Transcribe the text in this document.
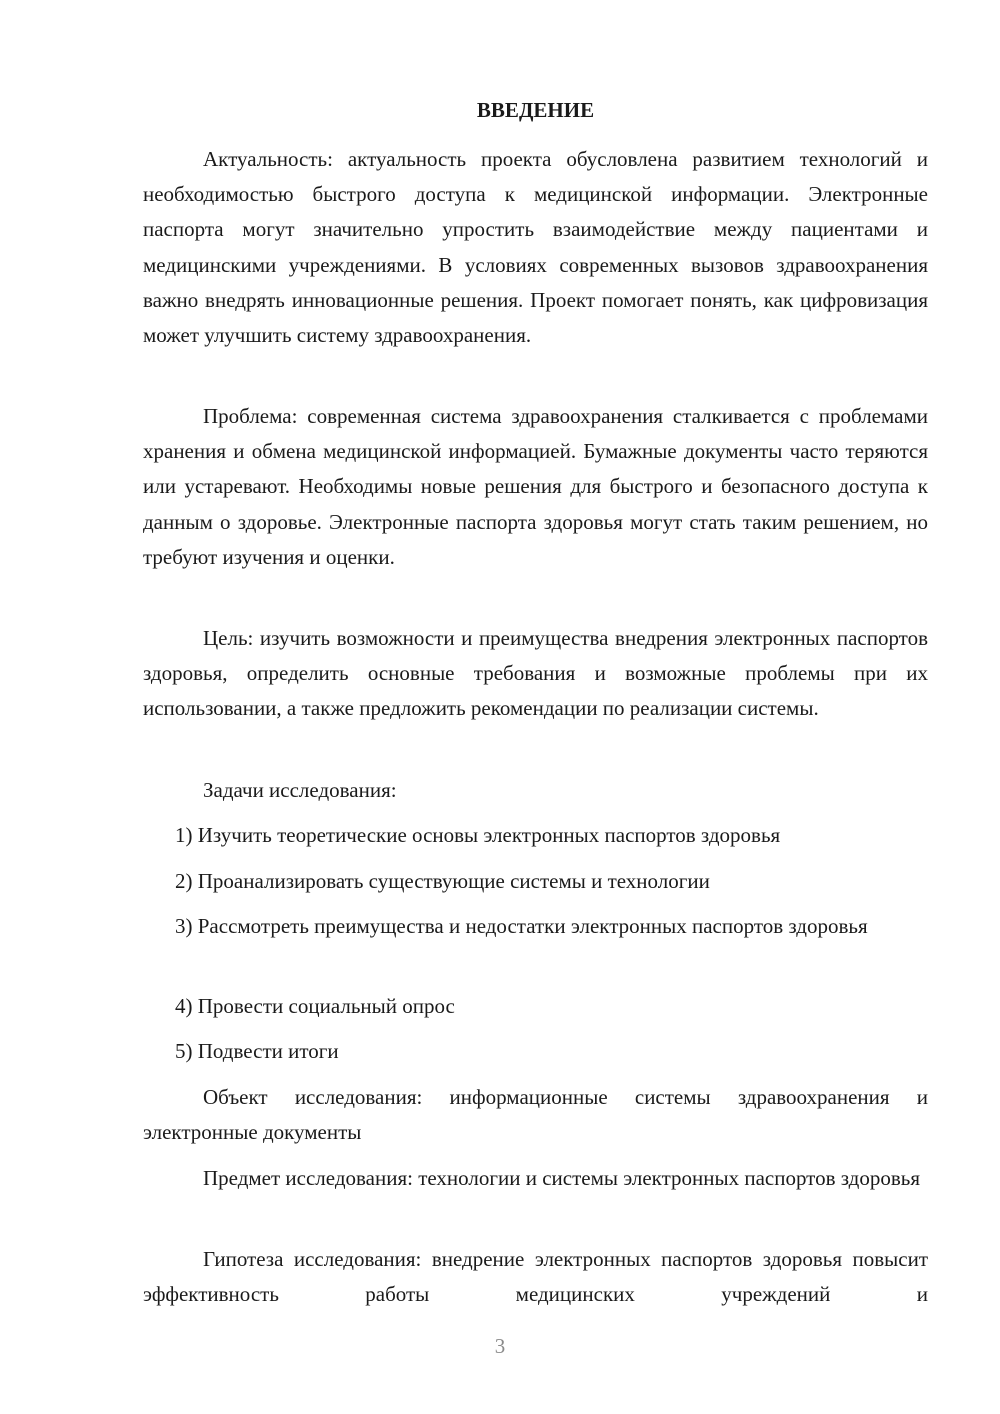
ВВЕДЕНИЕ

Актуальность: актуальность проекта обусловлена развитием технологий и необходимостью быстрого доступа к медицинской информации. Электронные паспорта могут значительно упростить взаимодействие между пациентами и медицинскими учреждениями. В условиях современных вызовов здравоохранения важно внедрять инновационные решения. Проект помогает понять, как цифровизация может улучшить систему здравоохранения.

Проблема: современная система здравоохранения сталкивается с проблемами хранения и обмена медицинской информацией. Бумажные документы часто теряются или устаревают. Необходимы новые решения для быстрого и безопасного доступа к данным о здоровье. Электронные паспорта здоровья могут стать таким решением, но требуют изучения и оценки.

Цель: изучить возможности и преимущества внедрения электронных паспортов здоровья, определить основные требования и возможные проблемы при их использовании, а также предложить рекомендации по реализации системы.

Задачи исследования:

1) Изучить теоретические основы электронных паспортов здоровья

2) Проанализировать существующие системы и технологии

3) Рассмотреть преимущества и недостатки электронных паспортов здоровья

4) Провести социальный опрос

5) Подвести итоги

Объект исследования: информационные системы здравоохранения и электронные документы

Предмет исследования: технологии и системы электронных паспортов здоровья

Гипотеза исследования: внедрение электронных паспортов здоровья повысит эффективность работы медицинских учреждений и

3
